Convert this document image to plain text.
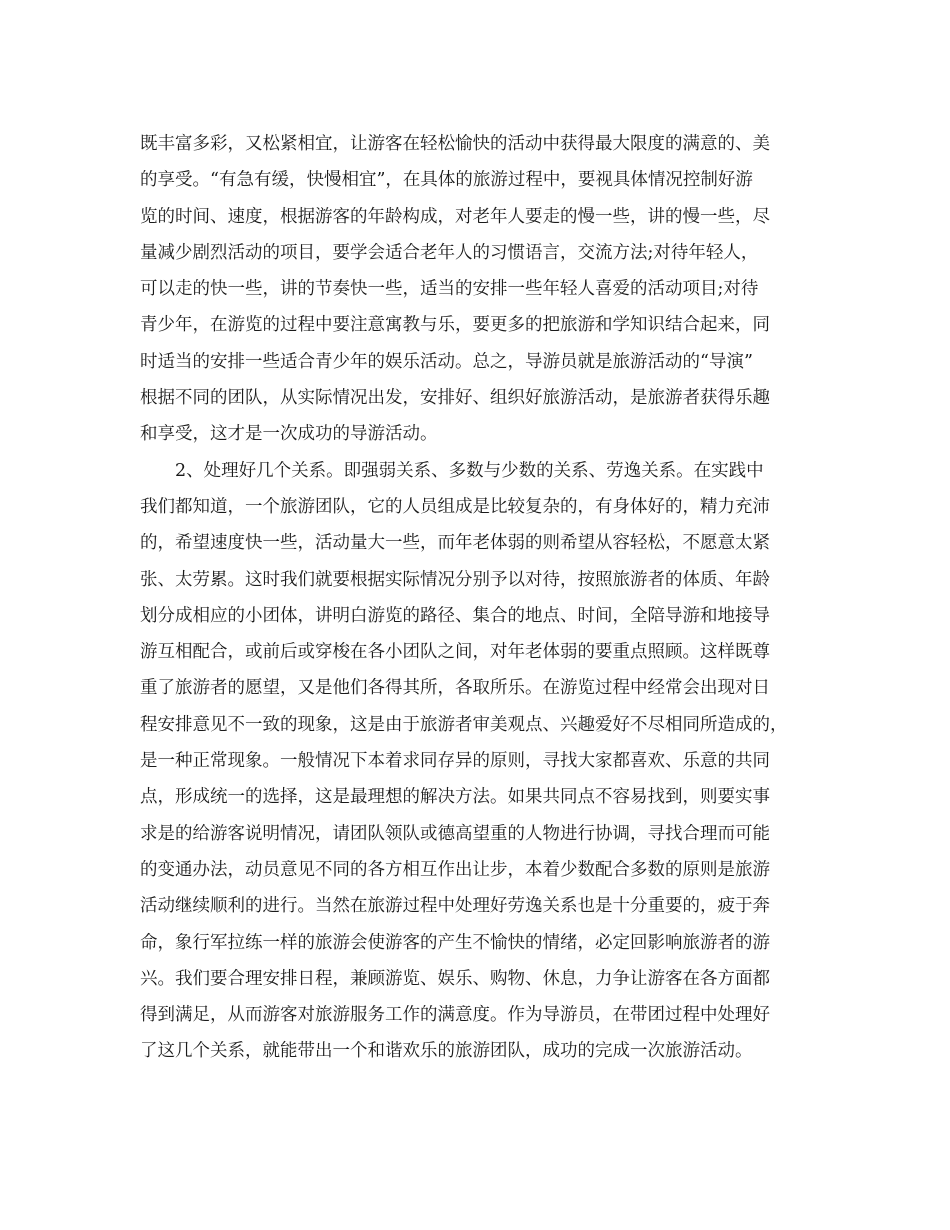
既丰富多彩，又松紧相宜，让游客在轻松愉快的活动中获得最大限度的满意的、美
的享受。“有急有缓，快慢相宜”，在具体的旅游过程中，要视具体情况控制好游
览的时间、速度，根据游客的年龄构成，对老年人要走的慢一些，讲的慢一些，尽
量减少剧烈活动的项目，要学会适合老年人的习惯语言，交流方法;对待年轻人，
可以走的快一些，讲的节奏快一些，适当的安排一些年轻人喜爱的活动项目;对待
青少年，在游览的过程中要注意寓教与乐，要更多的把旅游和学知识结合起来，同
时适当的安排一些适合青少年的娱乐活动。总之，导游员就是旅游活动的“导演”
根据不同的团队，从实际情况出发，安排好、组织好旅游活动，是旅游者获得乐趣
和享受，这才是一次成功的导游活动。
　　2、处理好几个关系。即强弱关系、多数与少数的关系、劳逸关系。在实践中
我们都知道，一个旅游团队，它的人员组成是比较复杂的，有身体好的，精力充沛
的，希望速度快一些，活动量大一些，而年老体弱的则希望从容轻松，不愿意太紧
张、太劳累。这时我们就要根据实际情况分别予以对待，按照旅游者的体质、年龄
划分成相应的小团体，讲明白游览的路径、集合的地点、时间，全陪导游和地接导
游互相配合，或前后或穿梭在各小团队之间，对年老体弱的要重点照顾。这样既尊
重了旅游者的愿望，又是他们各得其所，各取所乐。在游览过程中经常会出现对日
程安排意见不一致的现象，这是由于旅游者审美观点、兴趣爱好不尽相同所造成的，
是一种正常现象。一般情况下本着求同存异的原则，寻找大家都喜欢、乐意的共同
点，形成统一的选择，这是最理想的解决方法。如果共同点不容易找到，则要实事
求是的给游客说明情况，请团队领队或德高望重的人物进行协调，寻找合理而可能
的变通办法，动员意见不同的各方相互作出让步，本着少数配合多数的原则是旅游
活动继续顺利的进行。当然在旅游过程中处理好劳逸关系也是十分重要的，疲于奔
命，象行军拉练一样的旅游会使游客的产生不愉快的情绪，必定回影响旅游者的游
兴。我们要合理安排日程，兼顾游览、娱乐、购物、休息，力争让游客在各方面都
得到满足，从而游客对旅游服务工作的满意度。作为导游员，在带团过程中处理好
了这几个关系，就能带出一个和谐欢乐的旅游团队，成功的完成一次旅游活动。
